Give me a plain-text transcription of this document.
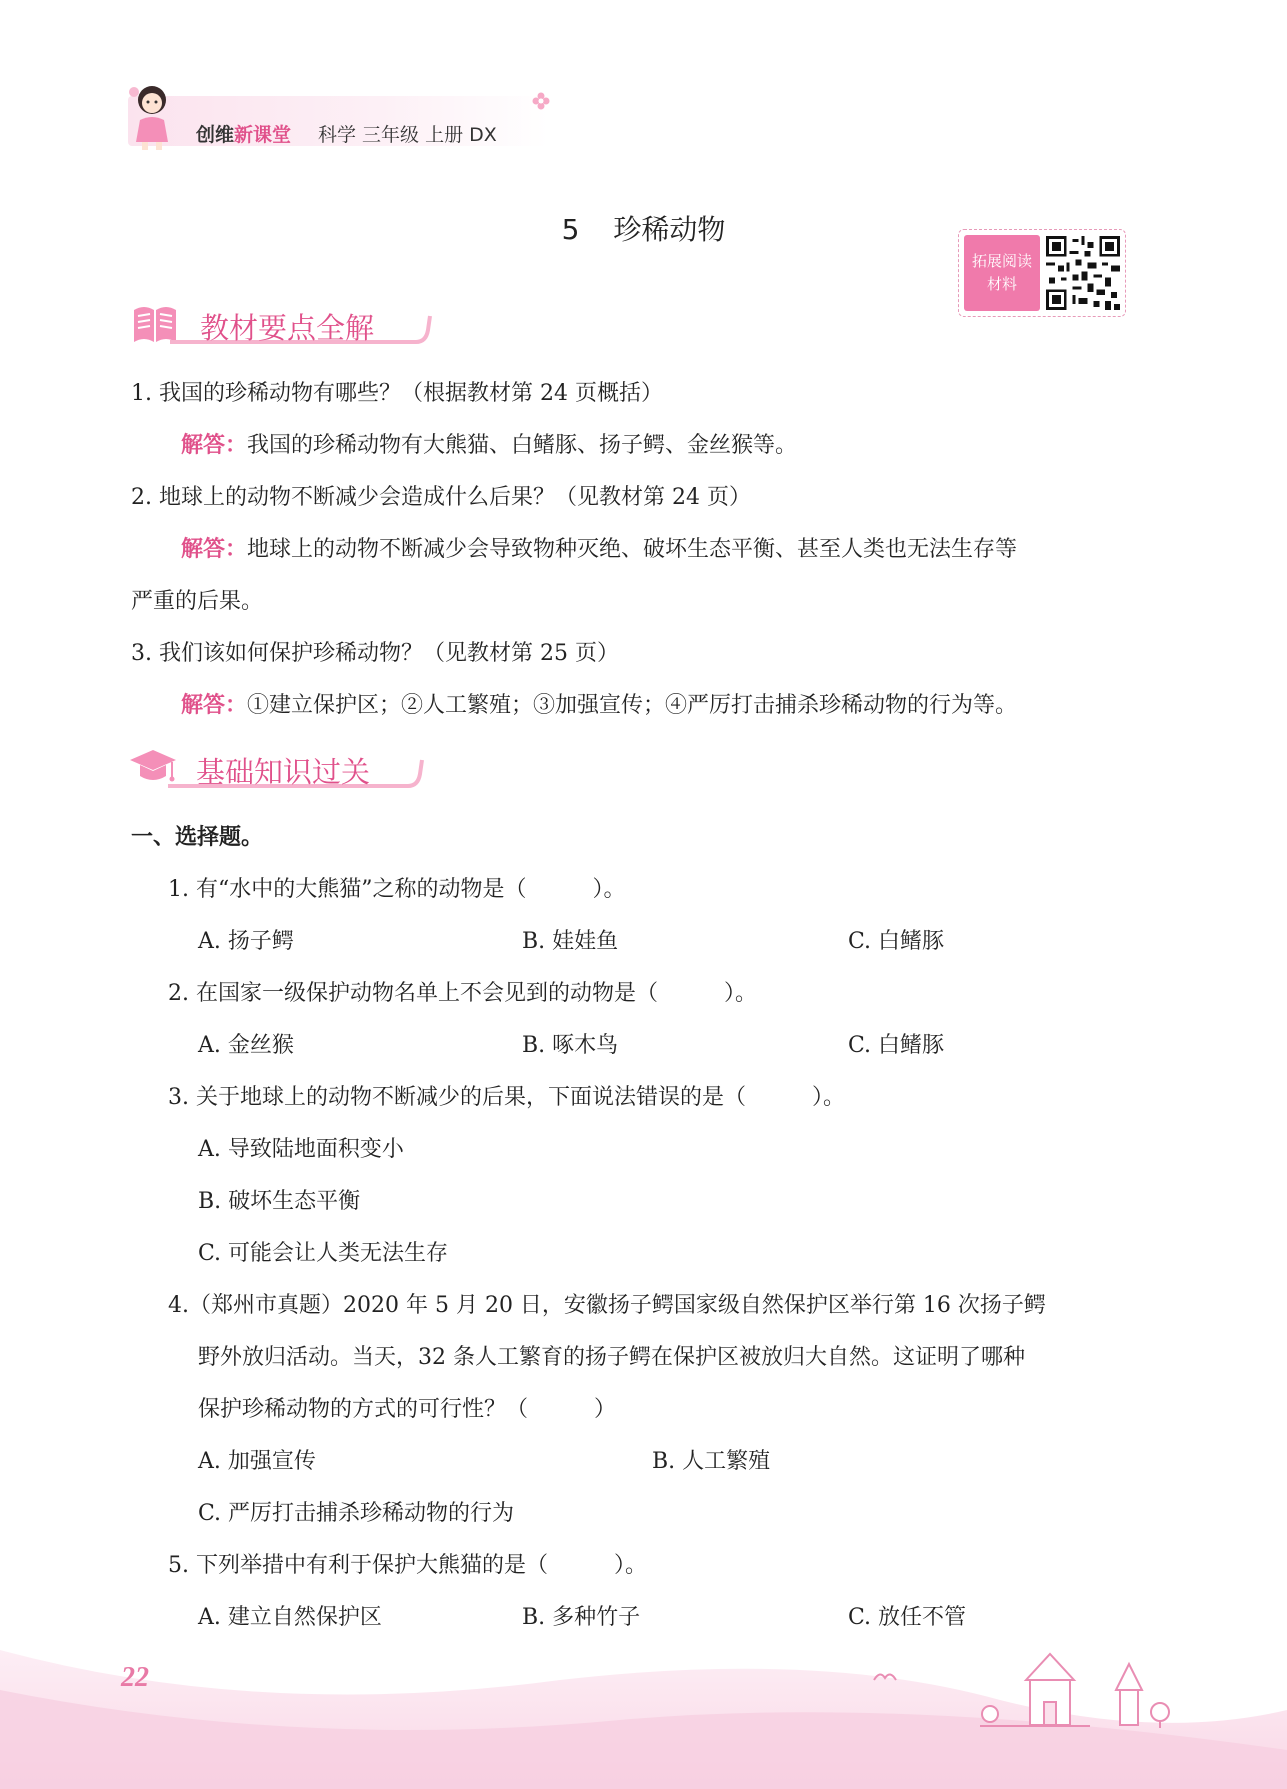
创维新课堂 科学 三年级 上册 DX
5 珍稀动物
拓展阅读
材料
教材要点全解
1. 我国的珍稀动物有哪些？（根据教材第 24 页概括）
解答：我国的珍稀动物有大熊猫、白鳍豚、扬子鳄、金丝猴等。
2. 地球上的动物不断减少会造成什么后果？（见教材第 24 页）
解答：地球上的动物不断减少会导致物种灭绝、破坏生态平衡、甚至人类也无法生存等
严重的后果。
3. 我们该如何保护珍稀动物？（见教材第 25 页）
解答：①建立保护区；②人工繁殖；③加强宣传；④严厉打击捕杀珍稀动物的行为等。
基础知识过关
一、选择题。
1. 有“水中的大熊猫”之称的动物是（　　　）。
A. 扬子鳄	B. 娃娃鱼	C. 白鳍豚
2. 在国家一级保护动物名单上不会见到的动物是（　　　）。
A. 金丝猴	B. 啄木鸟	C. 白鳍豚
3. 关于地球上的动物不断减少的后果，下面说法错误的是（　　　）。
A. 导致陆地面积变小
B. 破坏生态平衡
C. 可能会让人类无法生存
4.（郑州市真题）2020 年 5 月 20 日，安徽扬子鳄国家级自然保护区举行第 16 次扬子鳄
野外放归活动。当天，32 条人工繁育的扬子鳄在保护区被放归大自然。这证明了哪种
保护珍稀动物的方式的可行性？（　　　）
A. 加强宣传	B. 人工繁殖
C. 严厉打击捕杀珍稀动物的行为
5. 下列举措中有利于保护大熊猫的是（　　　）。
A. 建立自然保护区	B. 多种竹子	C. 放任不管
22
